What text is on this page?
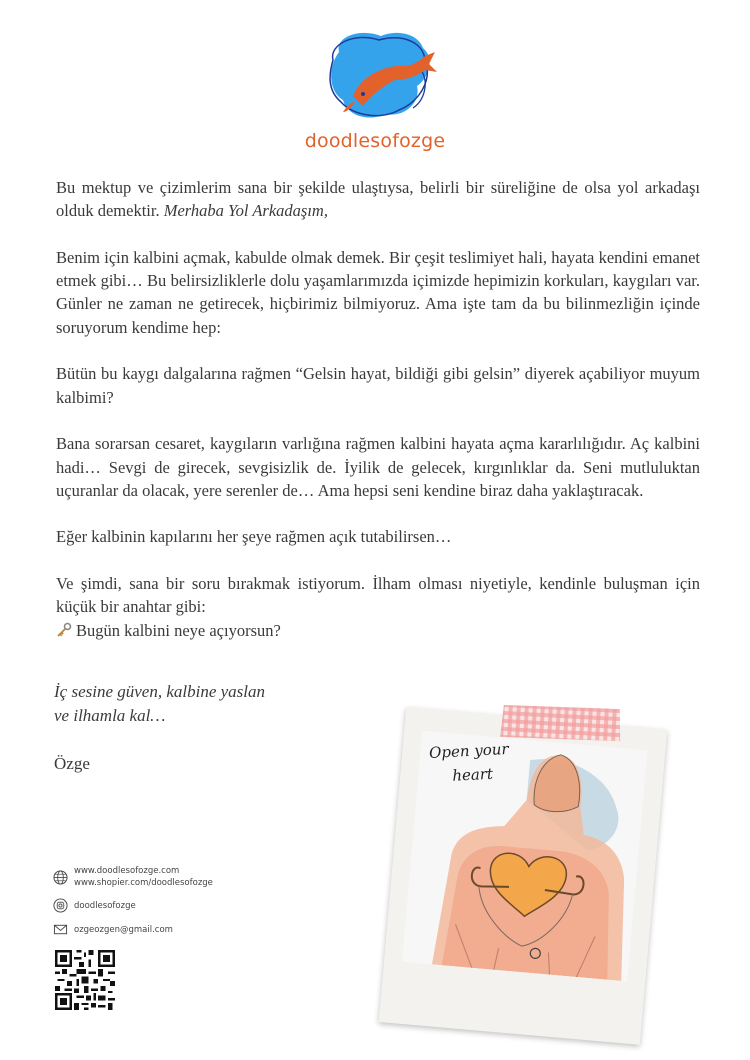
doodlesofozge

Bu mektup ve çizimlerim sana bir şekilde ulaştıysa, belirli bir süreliğine de olsa yol arkadaşı olduk demektir. Merhaba Yol Arkadaşım,

Benim için kalbini açmak, kabulde olmak demek. Bir çeşit teslimiyet hali, hayata kendini emanet etmek gibi… Bu belirsizliklerle dolu yaşamlarımızda içimizde hepimizin korkuları, kaygıları var. Günler ne zaman ne getirecek, hiçbirimiz bilmiyoruz. Ama işte tam da bu bilinmezliğin içinde soruyorum kendime hep:

Bütün bu kaygı dalgalarına rağmen “Gelsin hayat, bildiği gibi gelsin” diyerek açabiliyor muyum kalbimi?

Bana sorarsan cesaret, kaygıların varlığına rağmen kalbini hayata açma kararlılığıdır. Aç kalbini hadi… Sevgi de girecek, sevgisizlik de. İyilik de gelecek, kırgınlıklar da. Seni mutluluktan uçuranlar da olacak, yere serenler de… Ama hepsi seni kendine biraz daha yaklaştıracak.

Eğer kalbinin kapılarını her şeye rağmen açık tutabilirsen…

Ve şimdi, sana bir soru bırakmak istiyorum. İlham olması niyetiyle, kendinle buluşman için küçük bir anahtar gibi:
Bugün kalbini neye açıyorsun?

İç sesine güven, kalbine yaslan
ve ilhamla kal…
Özge
www.doodlesofozge.com
www.shopier.com/doodlesofozge
doodlesofozge
ozgeozgen@gmail.com
Open your
heart
